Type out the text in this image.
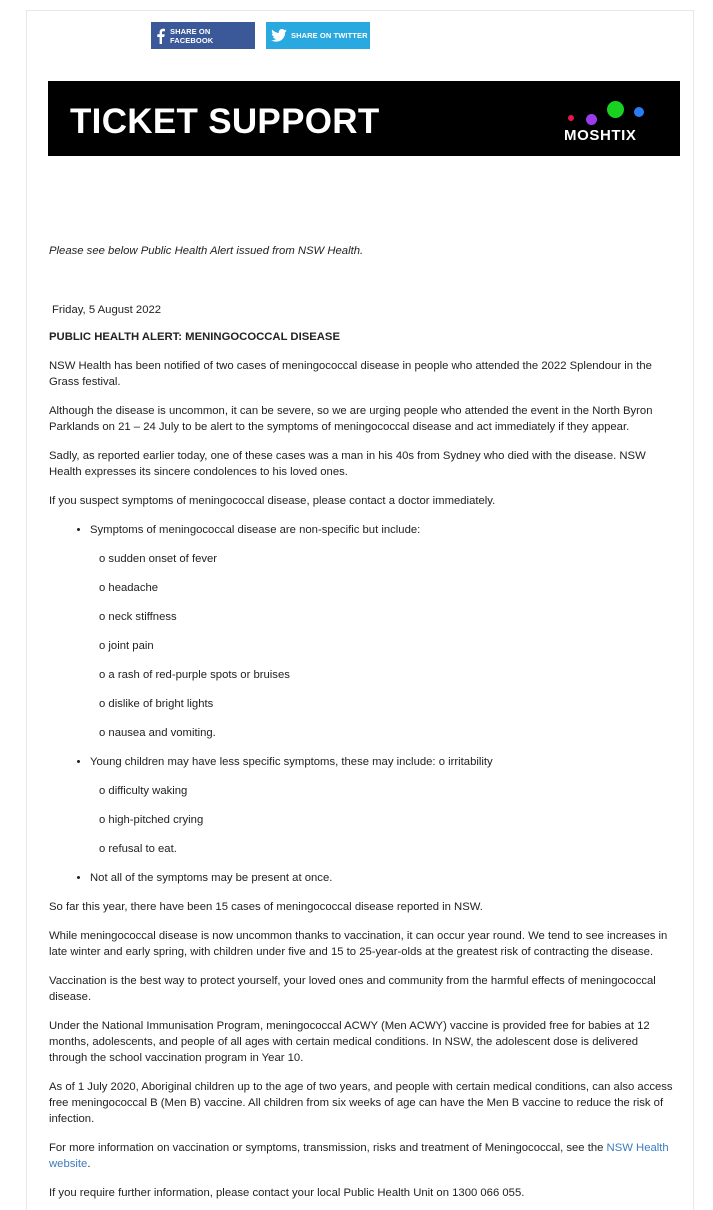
SHARE ON FACEBOOK	SHARE ON TWITTER
TICKET SUPPORT	MOSHTIX

Please see below Public Health Alert issued from NSW Health.

Friday, 5 August 2022

PUBLIC HEALTH ALERT: MENINGOCOCCAL DISEASE

NSW Health has been notified of two cases of meningococcal disease in people who attended the 2022 Splendour in the Grass festival.

Although the disease is uncommon, it can be severe, so we are urging people who attended the event in the North Byron Parklands on 21 – 24 July to be alert to the symptoms of meningococcal disease and act immediately if they appear.

Sadly, as reported earlier today, one of these cases was a man in his 40s from Sydney who died with the disease. NSW Health expresses its sincere condolences to his loved ones.

If you suspect symptoms of meningococcal disease, please contact a doctor immediately.

• Symptoms of meningococcal disease are non-specific but include:

o sudden onset of fever

o headache

o neck stiffness

o joint pain

o a rash of red-purple spots or bruises

o dislike of bright lights

o nausea and vomiting.

• Young children may have less specific symptoms, these may include: o irritability

o difficulty waking

o high-pitched crying

o refusal to eat.

• Not all of the symptoms may be present at once.

So far this year, there have been 15 cases of meningococcal disease reported in NSW.

While meningococcal disease is now uncommon thanks to vaccination, it can occur year round. We tend to see increases in late winter and early spring, with children under five and 15 to 25-year-olds at the greatest risk of contracting the disease.

Vaccination is the best way to protect yourself, your loved ones and community from the harmful effects of meningococcal disease.

Under the National Immunisation Program, meningococcal ACWY (Men ACWY) vaccine is provided free for babies at 12 months, adolescents, and people of all ages with certain medical conditions. In NSW, the adolescent dose is delivered through the school vaccination program in Year 10.

As of 1 July 2020, Aboriginal children up to the age of two years, and people with certain medical conditions, can also access free meningococcal B (Men B) vaccine. All children from six weeks of age can have the Men B vaccine to reduce the risk of infection.

For more information on vaccination or symptoms, transmission, risks and treatment of Meningococcal, see the NSW Health website.

If you require further information, please contact your local Public Health Unit on 1300 066 055.
